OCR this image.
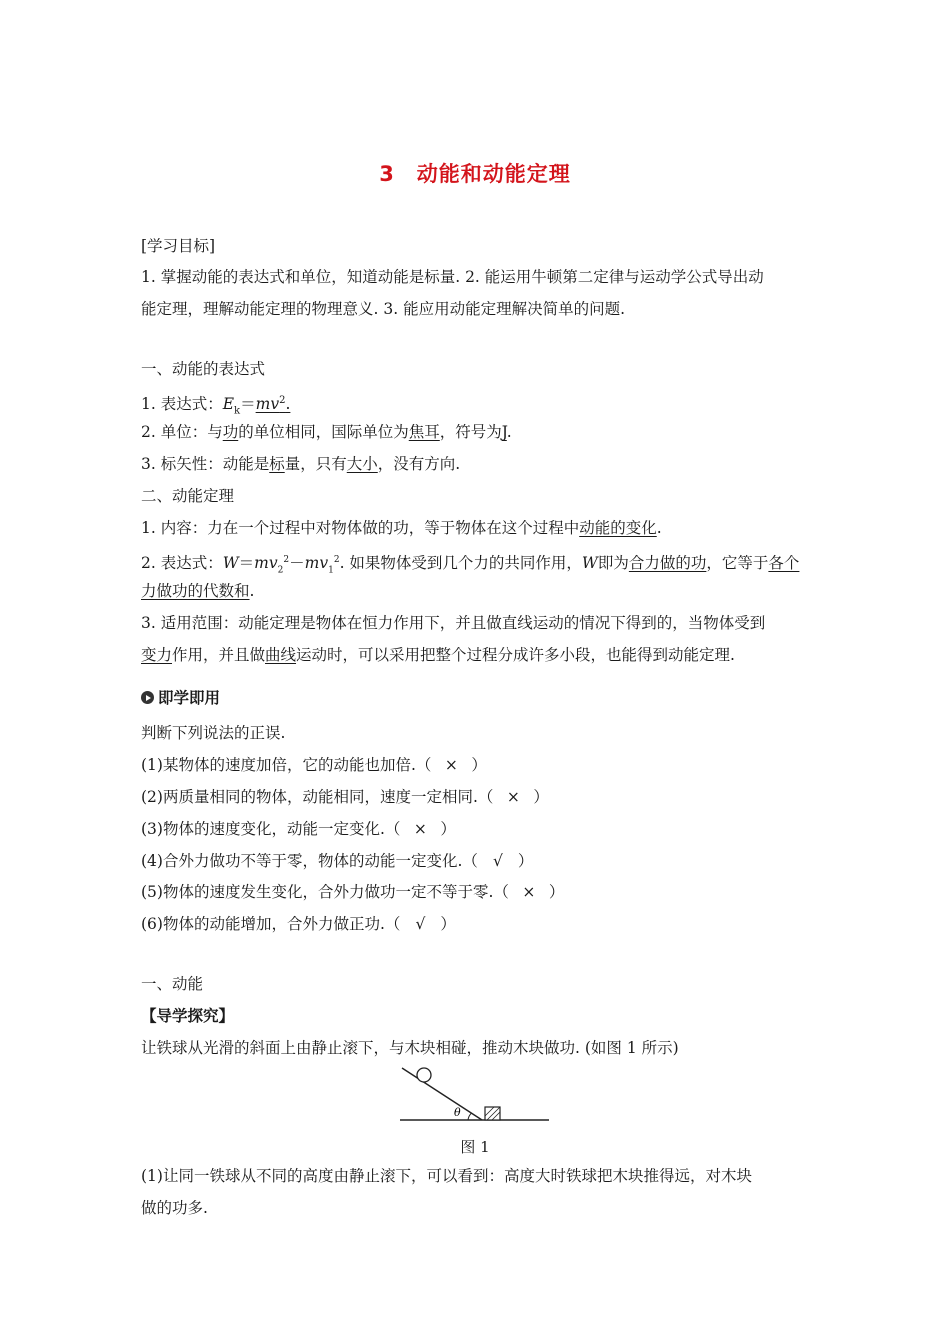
3　动能和动能定理
[学习目标]
1. 掌握动能的表达式和单位，知道动能是标量. 2. 能运用牛顿第二定律与运动学公式导出动
能定理，理解动能定理的物理意义. 3. 能应用动能定理解决简单的问题.
一、动能的表达式
1. 表达式：$E_k=mv^2$.
2. 单位：与功的单位相同，国际单位为焦耳，符号为J.
3. 标矢性：动能是标量，只有大小，没有方向.
二、动能定理
1. 内容：力在一个过程中对物体做的功，等于物体在这个过程中动能的变化.
2. 表达式：$W=mv_2^2-mv_1^2$. 如果物体受到几个力的共同作用，W即为合力做的功，它等于各个
力做功的代数和.
3. 适用范围：动能定理是物体在恒力作用下，并且做直线运动的情况下得到的，当物体受到
变力作用，并且做曲线运动时，可以采用把整个过程分成许多小段，也能得到动能定理.
即学即用
判断下列说法的正误.
(1)某物体的速度加倍，它的动能也加倍.（ × ）
(2)两质量相同的物体，动能相同，速度一定相同.（ × ）
(3)物体的速度变化，动能一定变化.（ × ）
(4)合外力做功不等于零，物体的动能一定变化.（ √ ）
(5)物体的速度发生变化，合外力做功一定不等于零.（ × ）
(6)物体的动能增加，合外力做正功.（ √ ）
一、动能
【导学探究】
让铁球从光滑的斜面上由静止滚下，与木块相碰，推动木块做功. (如图 1 所示)
θ
图 1
(1)让同一铁球从不同的高度由静止滚下，可以看到：高度大时铁球把木块推得远，对木块
做的功多.
